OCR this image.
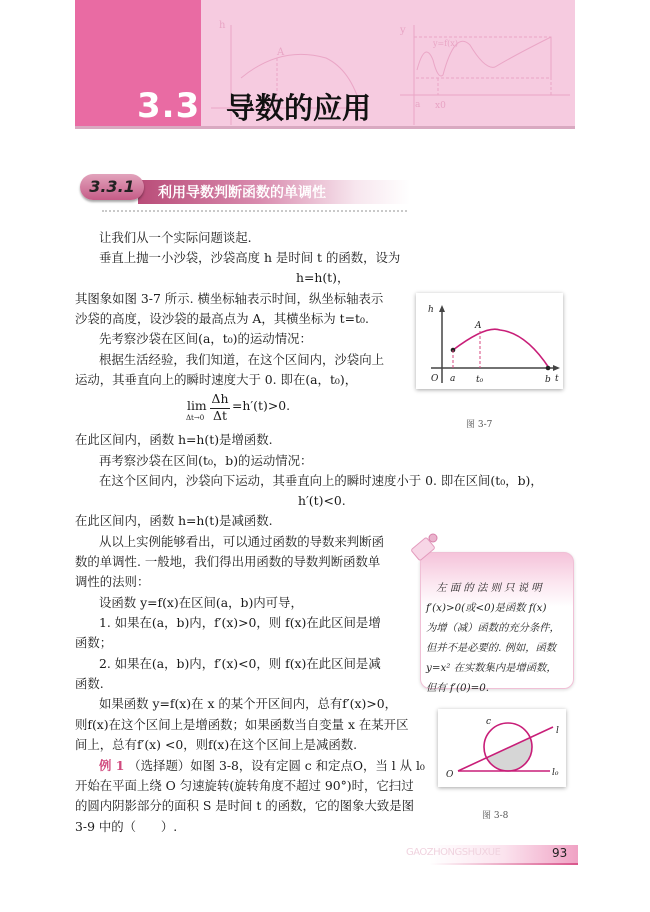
h
A
y
y=f(x)
a x0
3.3 导数的应用
3.3.1	利用导数判断函数的单调性
让我们从一个实际问题谈起.
垂直上抛一小沙袋，沙袋高度 h 是时间 t 的函数，设为
h=h(t)，
其图象如图 3-7 所示. 横坐标轴表示时间，纵坐标轴表示
沙袋的高度，设沙袋的最高点为 A，其横坐标为 t=t₀.
先考察沙袋在区间(a，t₀)的运动情况：
根据生活经验，我们知道，在这个区间内，沙袋向上
运动，其垂直向上的瞬时速度大于 0. 即在(a，t₀)，
lim
Δt→0
Δh
Δt
=h′(t)>0.
在此区间内，函数 h=h(t)是增函数.
再考察沙袋在区间(t₀，b)的运动情况：
在这个区间内，沙袋向下运动，其垂直向上的瞬时速度小于 0. 即在区间(t₀，b)，
h′(t)<0.
在此区间内，函数 h=h(t)是减函数.
从以上实例能够看出，可以通过函数的导数来判断函
数的单调性. 一般地，我们得出用函数的导数判断函数单
调性的法则：
设函数 y=f(x)在区间(a，b)内可导，
1. 如果在(a，b)内，f′(x)>0，则 f(x)在此区间是增
函数；
2. 如果在(a，b)内，f′(x)<0，则 f(x)在此区间是减
函数.
如果函数 y=f(x)在 x 的某个开区间内，总有f′(x)>0，
则f(x)在这个区间上是增函数；如果函数当自变量 x 在某开区
间上，总有f′(x) <0，则f(x)在这个区间上是减函数.
例 1 （选择题）如图 3-8，设有定圆 c 和定点O，当 l 从 l₀
开始在平面上绕 O 匀速旋转(旋转角度不超过 90°)时，它扫过
的圆内阴影部分的面积 S 是时间 t 的函数，它的图象大致是图
3-9 中的（　　）.
h
A
O a t₀	b t
图 3-7
　左 面 的 法 则 只 说 明
f′(x)>0(或<0)是函数 f(x)
为增（减）函数的充分条件，
但并不是必要的. 例如，函数
y=x² 在实数集内是增函数，
但有 f′(0)=0.
c
l
O	l₀
图 3-8
GAOZHONGSHUXUE	93
